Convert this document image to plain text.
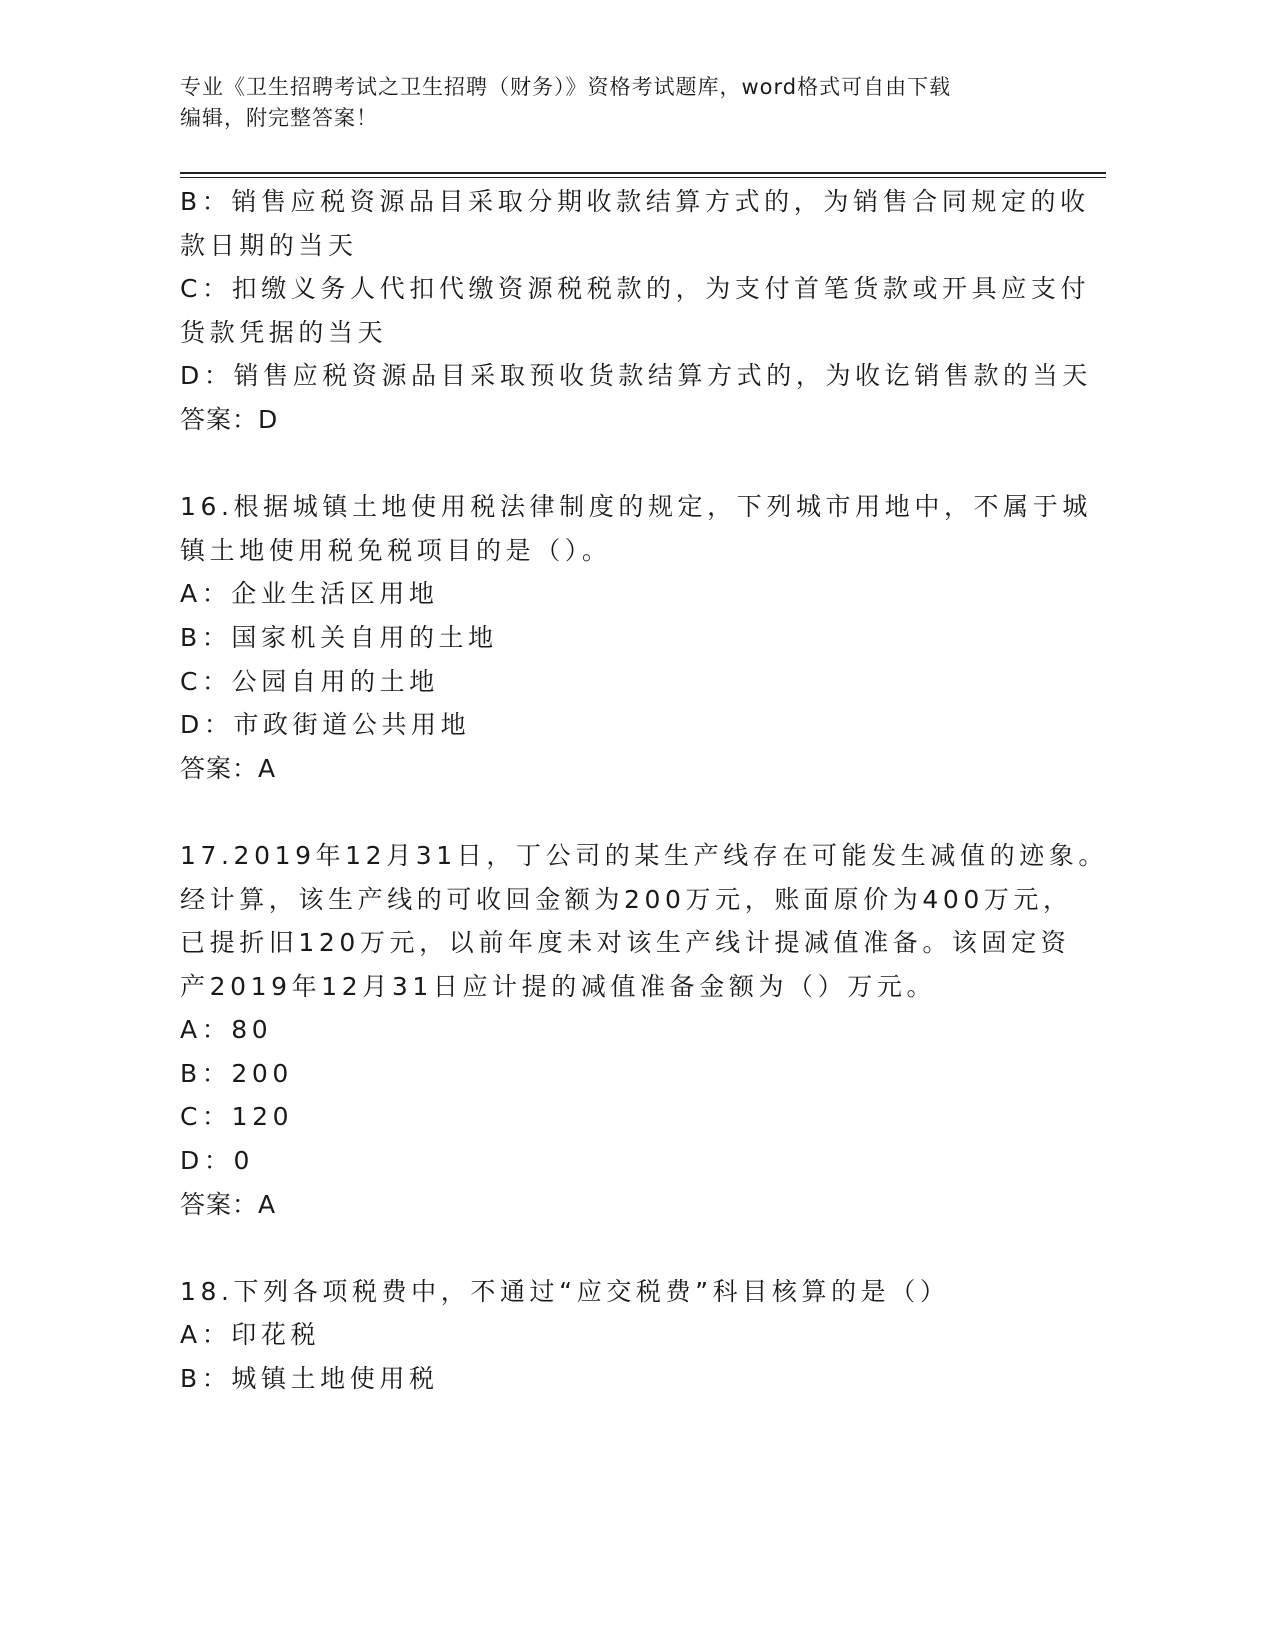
专业《卫生招聘考试之卫生招聘（财务）》资格考试题库，word格式可自由下载
编辑，附完整答案！
B：销售应税资源品目采取分期收款结算方式的，为销售合同规定的收
款日期的当天
C：扣缴义务人代扣代缴资源税税款的，为支付首笔货款或开具应支付
货款凭据的当天
D：销售应税资源品目采取预收货款结算方式的，为收讫销售款的当天
答案：D
16.根据城镇土地使用税法律制度的规定，下列城市用地中，不属于城
镇土地使用税免税项目的是（）。
A：企业生活区用地
B：国家机关自用的土地
C：公园自用的土地
D：市政街道公共用地
答案：A
17.2019年12月31日，丁公司的某生产线存在可能发生减值的迹象。
经计算，该生产线的可收回金额为200万元，账面原价为400万元，
已提折旧120万元，以前年度未对该生产线计提减值准备。该固定资
产2019年12月31日应计提的减值准备金额为（）万元。
A：80
B：200
C：120
D：0
答案：A
18.下列各项税费中，不通过“应交税费”科目核算的是（）
A：印花税
B：城镇土地使用税
